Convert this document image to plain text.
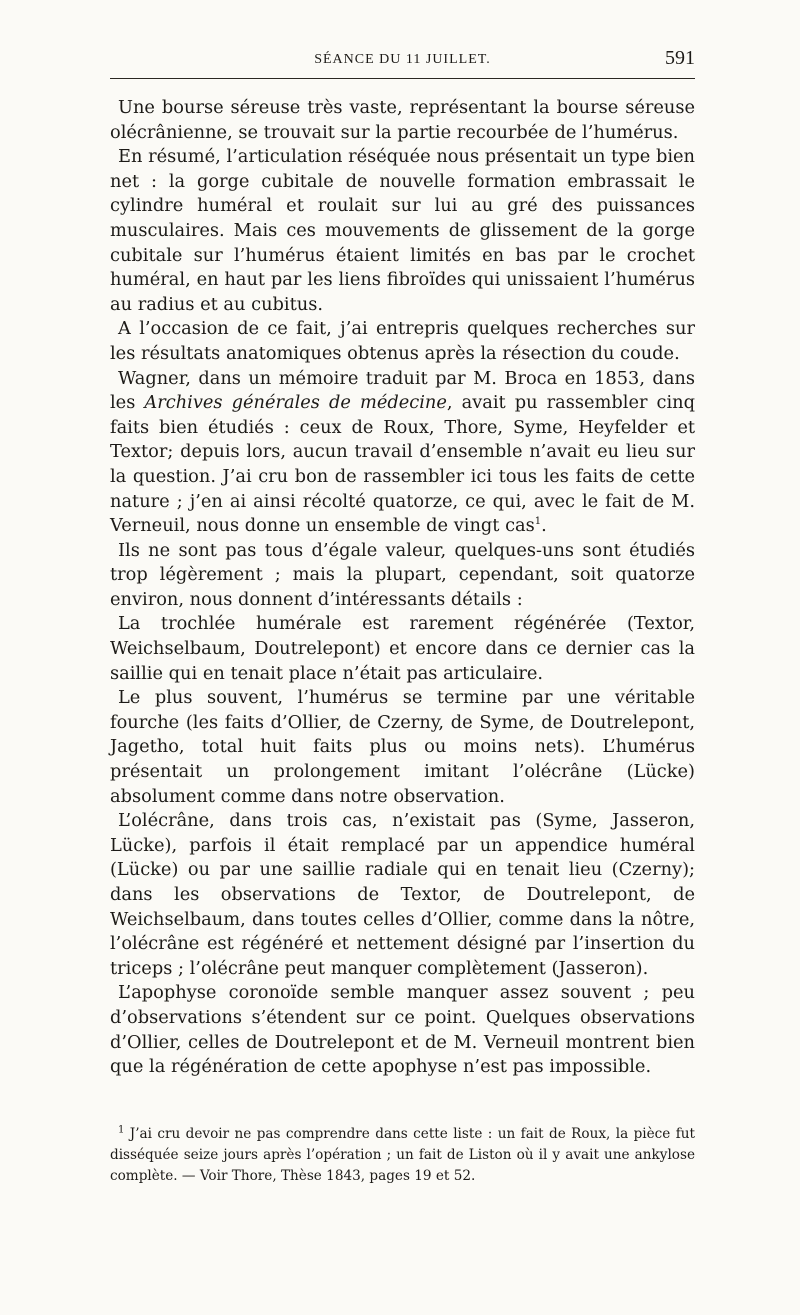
SÉANCE DU 11 JUILLET.	591

Une bourse séreuse très vaste, représentant la bourse séreuse olécrânienne, se trouvait sur la partie recourbée de l’humérus.

En résumé, l’articulation réséquée nous présentait un type bien net : la gorge cubitale de nouvelle formation embrassait le cylindre huméral et roulait sur lui au gré des puissances musculaires. Mais ces mouvements de glissement de la gorge cubitale sur l’humérus étaient limités en bas par le crochet huméral, en haut par les liens fibroïdes qui unissaient l’humérus au radius et au cubitus.

A l’occasion de ce fait, j’ai entrepris quelques recherches sur les résultats anatomiques obtenus après la résection du coude.

Wagner, dans un mémoire traduit par M. Broca en 1853, dans les Archives générales de médecine, avait pu rassembler cinq faits bien étudiés : ceux de Roux, Thore, Syme, Heyfelder et Textor; depuis lors, aucun travail d’ensemble n’avait eu lieu sur la question. J’ai cru bon de rassembler ici tous les faits de cette nature ; j’en ai ainsi récolté quatorze, ce qui, avec le fait de M. Verneuil, nous donne un ensemble de vingt cas$^1$.

Ils ne sont pas tous d’égale valeur, quelques-uns sont étudiés trop légèrement ; mais la plupart, cependant, soit quatorze environ, nous donnent d’intéressants détails :

La trochlée humérale est rarement régénérée (Textor, Weichselbaum, Doutrelepont) et encore dans ce dernier cas la saillie qui en tenait place n’était pas articulaire.

Le plus souvent, l’humérus se termine par une véritable fourche (les faits d’Ollier, de Czerny, de Syme, de Doutrelepont, Jagetho, total huit faits plus ou moins nets). L’humérus présentait un prolongement imitant l’olécrâne (Lücke) absolument comme dans notre observation.

L’olécrâne, dans trois cas, n’existait pas (Syme, Jasseron, Lücke), parfois il était remplacé par un appendice huméral (Lücke) ou par une saillie radiale qui en tenait lieu (Czerny); dans les observations de Textor, de Doutrelepont, de Weichselbaum, dans toutes celles d’Ollier, comme dans la nôtre, l’olécrâne est régénéré et nettement désigné par l’insertion du triceps ; l’olécrâne peut manquer complètement (Jasseron).

L’apophyse coronoïde semble manquer assez souvent ; peu d’observations s’étendent sur ce point. Quelques observations d’Ollier, celles de Doutrelepont et de M. Verneuil montrent bien que la régénération de cette apophyse n’est pas impossible.

$^1$ J’ai cru devoir ne pas comprendre dans cette liste : un fait de Roux, la pièce fut disséquée seize jours après l’opération ; un fait de Liston où il y avait une ankylose complète. — Voir Thore, Thèse 1843, pages 19 et 52.
